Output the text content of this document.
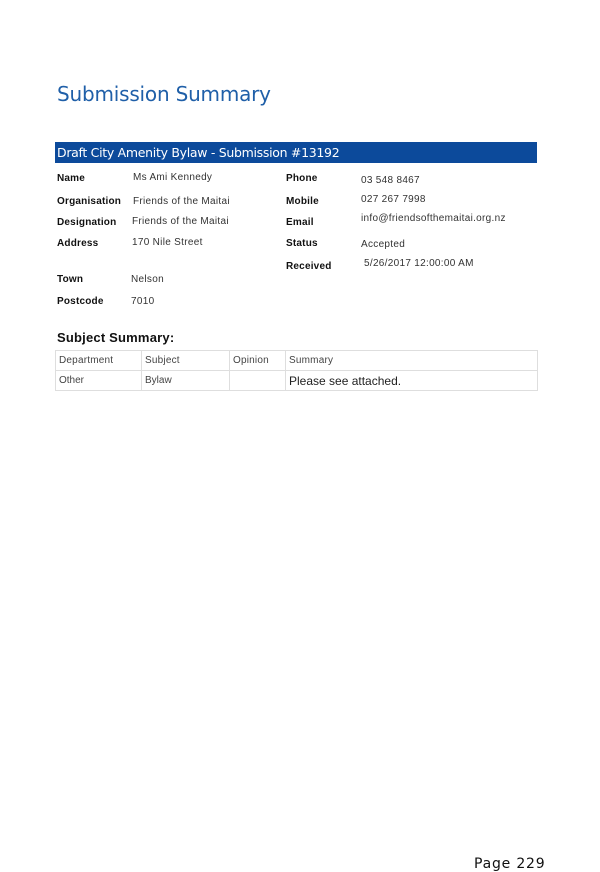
Submission Summary
Draft City Amenity Bylaw - Submission #13192
Name	Ms Ami Kennedy
Organisation Friends of the Maitai
Designation Friends of the Maitai
Address	170 Nile Street
Town	Nelson
Postcode	7010
Phone	03 548 8467
Mobile	027 267 7998
Email	info@friendsofthemaitai.org.nz
Status	Accepted
Received	5/26/2017 12:00:00 AM
Subject Summary:
Department	Subject	Opinion	Summary
Other	Bylaw		Please see attached.
Page 229
